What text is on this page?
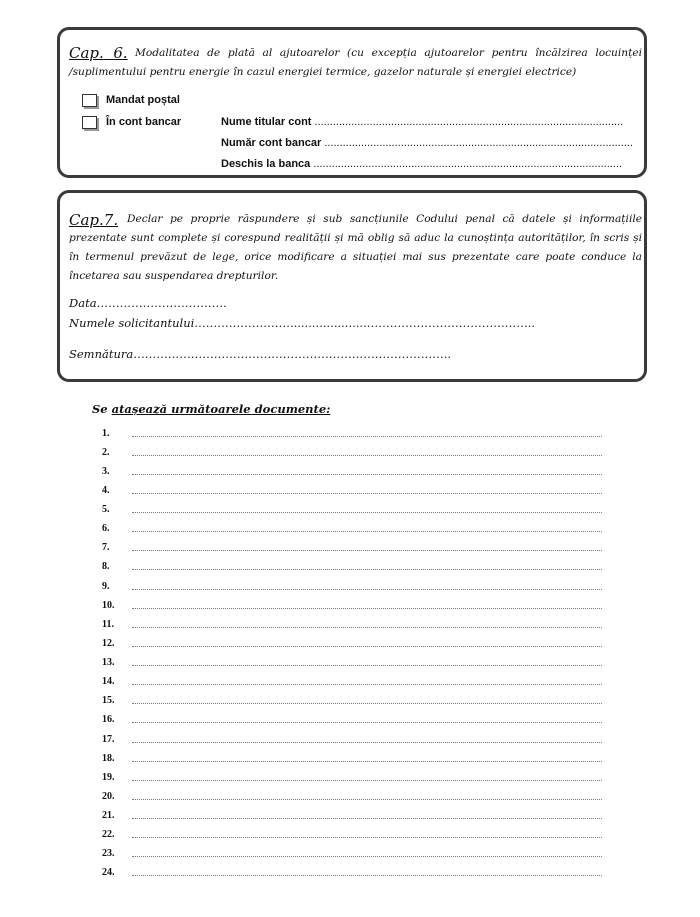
Cap. 6. Modalitatea de plată al ajutoarelor (cu excepția ajutoarelor pentru încălzirea locuinței /suplimentului pentru energie în cazul energiei termice, gazelor naturale și energiei electrice)
Mandat poștal
În cont bancar	Nume titular cont .....................................................................................................
Număr cont bancar .....................................................................................................
Deschis la banca .....................................................................................................
Cap.7. Declar pe proprie răspundere și sub sancțiunile Codului penal că datele și informațiile prezentate sunt complete și corespund realității și mă oblig să aduc la cunoștința autorităților, în scris și în termenul prevăzut de lege, orice modificare a situației mai sus prezentate care poate conduce la încetarea sau suspendarea drepturilor.
Data…………………………….
Numele solicitantului……………………......................……………………………………..
Semnătura………………………………………………………………………..
Se atașează următoarele documente:
1.
2.
3.
4.
5.
6.
7.
8.
9.
10.
11.
12.
13.
14.
15.
16.
17.
18.
19.
20.
21.
22.
23.
24.
